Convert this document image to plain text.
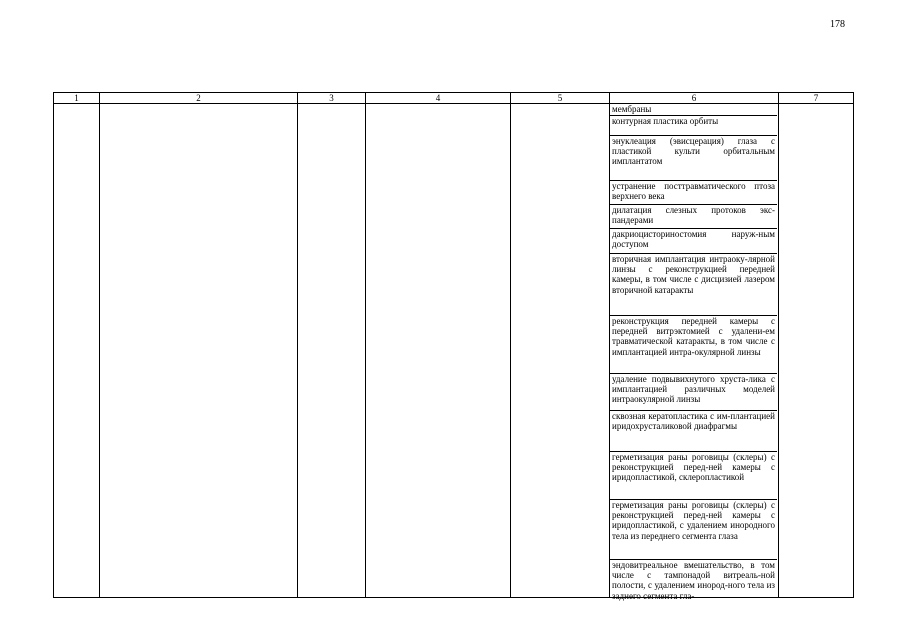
178
1	2	3	4	5	6	7
мембраны
контурная пластика орбиты
энуклеация (эвисцерация) глаза с пластикой культи орбитальным имплантатом
устранение посттравматического птоза верхнего века
дилатация слезных протоков экс-пандерами
дакриоцисториностомия наруж-ным доступом
вторичная имплантация интраоку-лярной линзы с реконструкцией передней камеры, в том числе с дисцизией лазером вторичной катаракты
реконструкция передней камеры с передней витрэктомией с удалени-ем травматической катаракты, в том числе с имплантацией интра-окулярной линзы
удаление подвывихнутого хруста-лика с имплантацией различных моделей интраокулярной линзы
сквозная кератопластика с им-плантацией иридохрусталиковой диафрагмы
герметизация раны роговицы (склеры) с реконструкцией перед-ней камеры с иридопластикой, склеропластикой
герметизация раны роговицы (склеры) с реконструкцией перед-ней камеры с иридопластикой, с удалением инородного тела из переднего сегмента глаза
эндовитреальное вмешательство, в том числе с тампонадой витреаль-ной полости, с удалением инород-ного тела из заднего сегмента гла-
